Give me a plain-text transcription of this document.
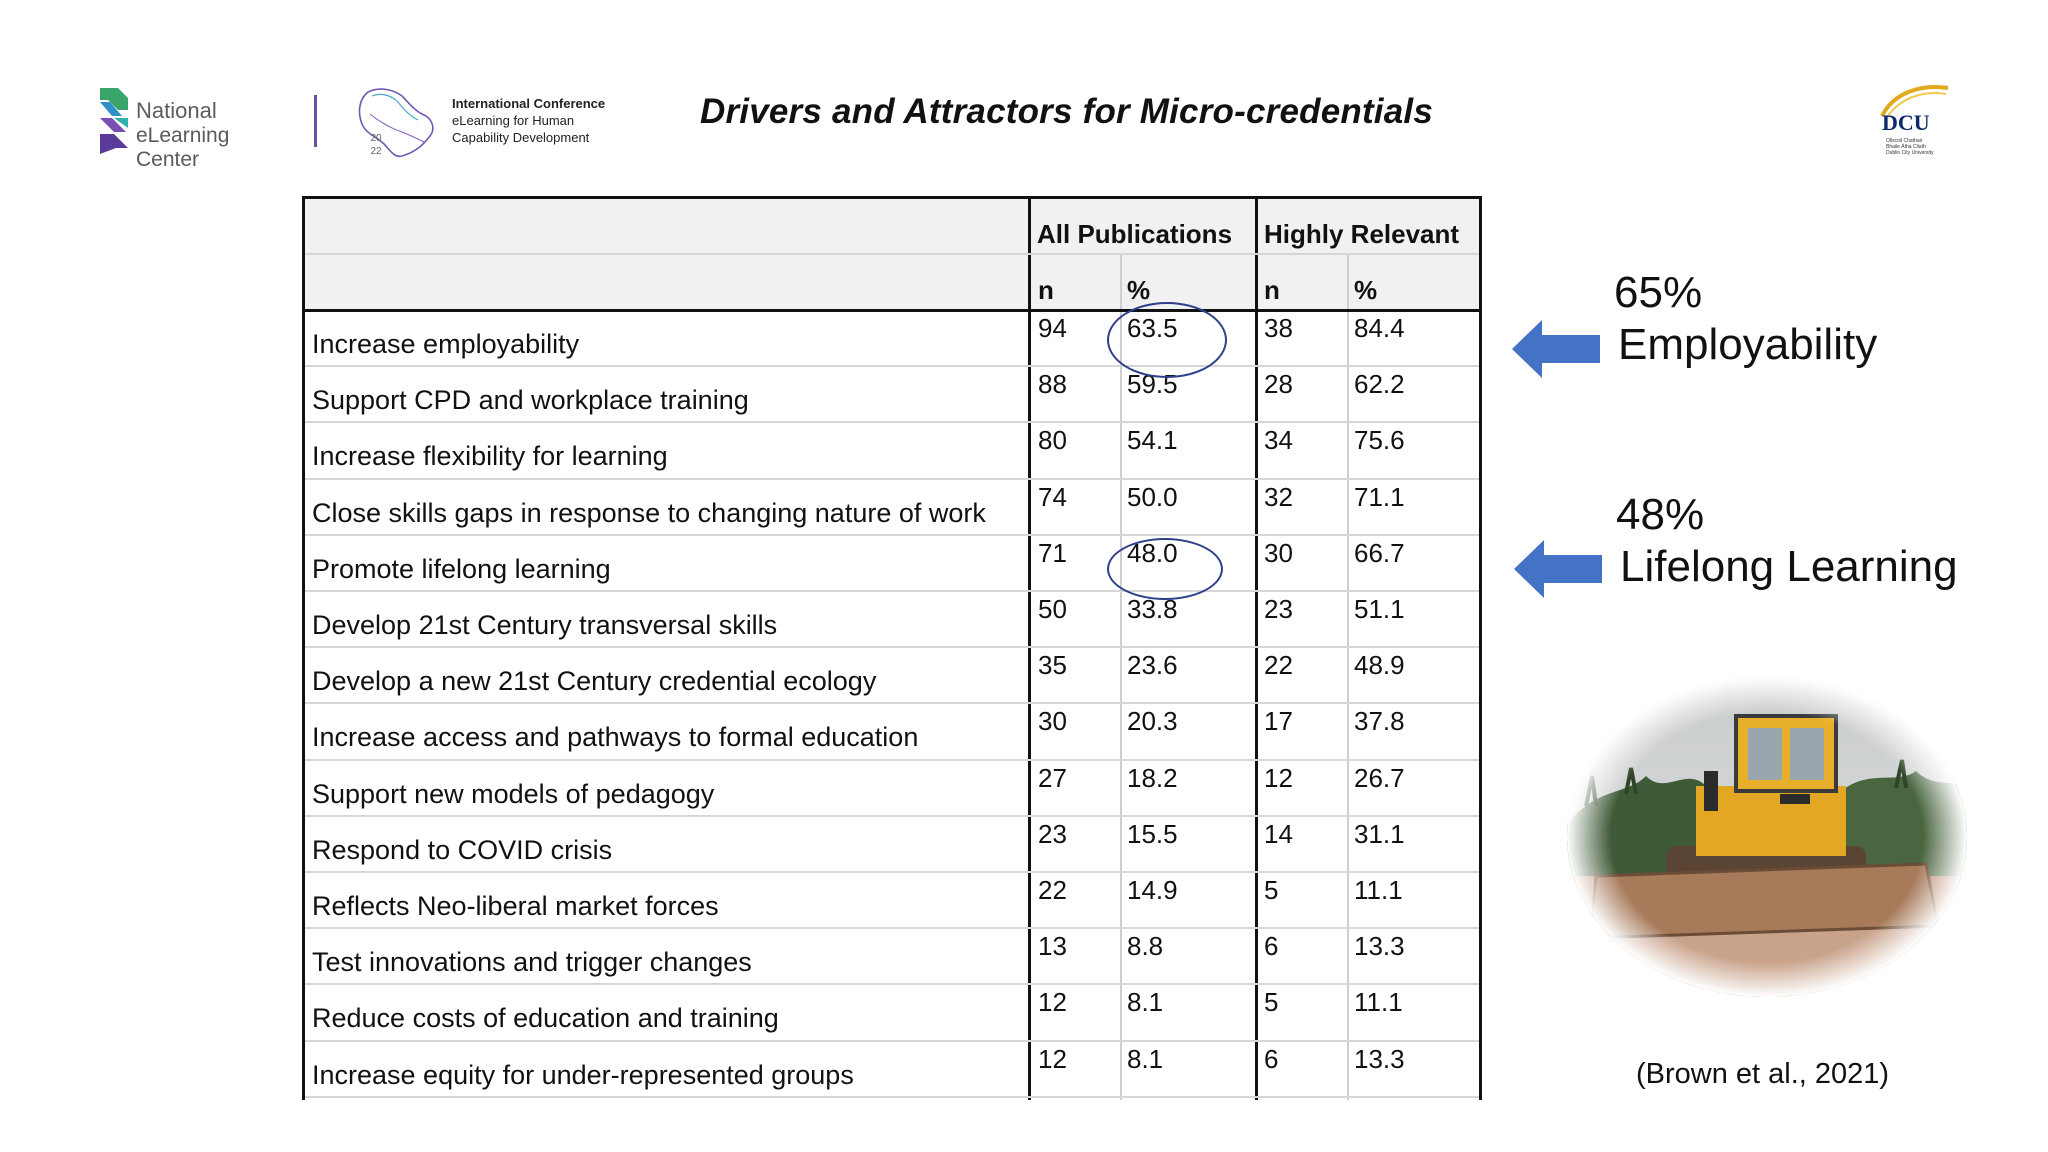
National
eLearning Center
20
22
International Conference
eLearning for Human
Capability Development
Drivers and Attractors for Micro-credentials	DCU
Ollscoil Chathair
Bhaile Átha Cliath
Dublin City University
All Publications Highly Relevant
n	%	n	%
Increase employability
94 63.5	38 84.4
Support CPD and workplace training
88 59.5	28 62.2
Increase flexibility for learning
80 54.1	34 75.6
Close skills gaps in response to changing nature of work
74 50.0	32 71.1
Promote lifelong learning
71 48.0	30 66.7
Develop 21st Century transversal skills
50 33.8	23 51.1
Develop a new 21st Century credential ecology
35 23.6	22 48.9
Increase access and pathways to formal education
30 20.3	17 37.8
Support new models of pedagogy
27 18.2	12 26.7
Respond to COVID crisis
23 15.5	14 31.1
Reflects Neo-liberal market forces
22 14.9	5	11.1
Test innovations and trigger changes
13 8.8	6	13.3
Reduce costs of education and training
12 8.1	5	11.1
Increase equity for under-represented groups
12 8.1	6	13.3
65%
Employability
48%
Lifelong Learning
(Brown et al., 2021)
